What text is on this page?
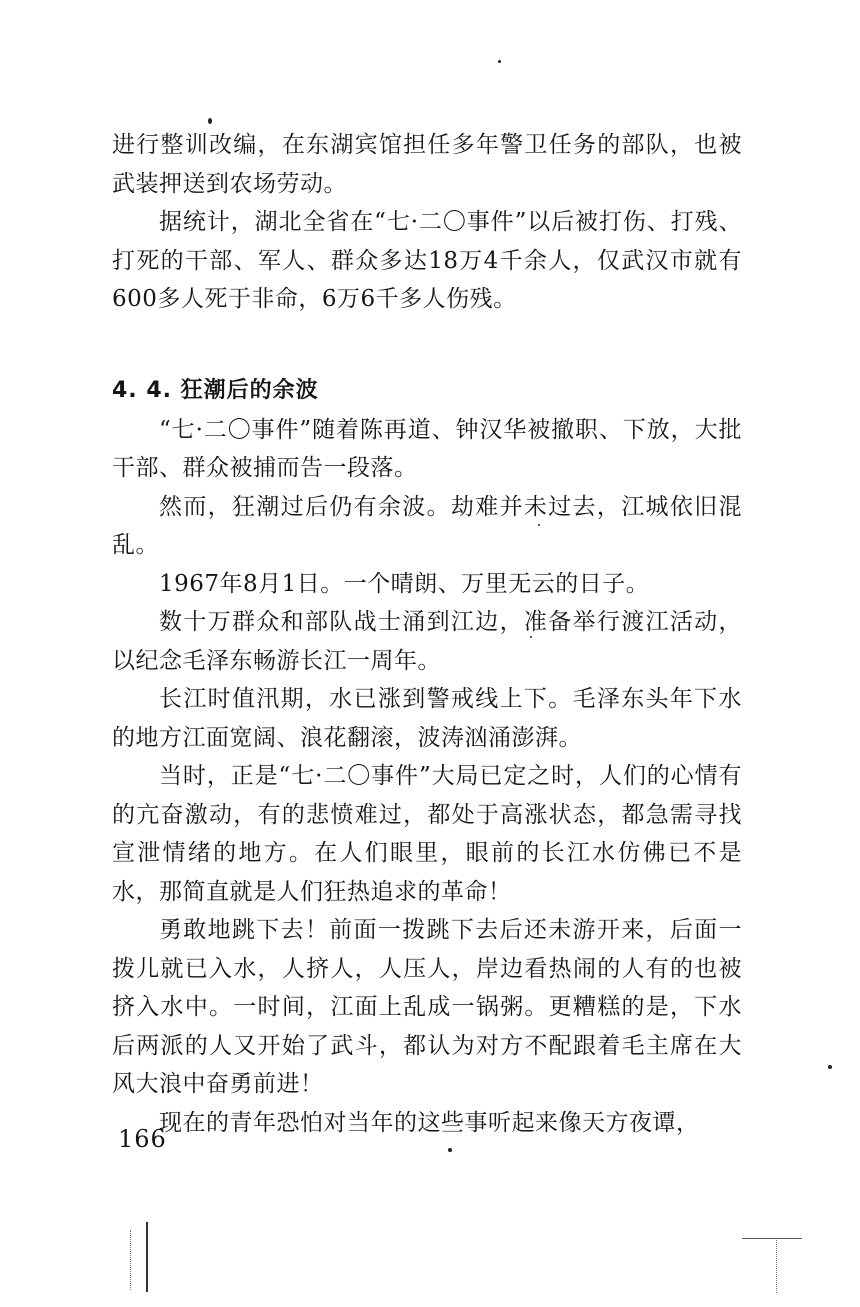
进行整训改编，在东湖宾馆担任多年警卫任务的部队，也被武装押送到农场劳动。

据统计，湖北全省在“七·二〇事件”以后被打伤、打残、打死的干部、军人、群众多达18万4千余人，仅武汉市就有600多人死于非命，6万6千多人伤残。

4. 4. 狂潮后的余波

“七·二〇事件”随着陈再道、钟汉华被撤职、下放，大批干部、群众被捕而告一段落。

然而，狂潮过后仍有余波。劫难并未过去，江城依旧混乱。

1967年8月1日。一个晴朗、万里无云的日子。

数十万群众和部队战士涌到江边，准备举行渡江活动，以纪念毛泽东畅游长江一周年。

长江时值汛期，水已涨到警戒线上下。毛泽东头年下水的地方江面宽阔、浪花翻滚，波涛汹涌澎湃。

当时，正是“七·二〇事件”大局已定之时，人们的心情有的亢奋激动，有的悲愤难过，都处于高涨状态，都急需寻找宣泄情绪的地方。在人们眼里，眼前的长江水仿佛已不是水，那简直就是人们狂热追求的革命！

勇敢地跳下去！前面一拨跳下去后还未游开来，后面一拨儿就已入水，人挤人，人压人，岸边看热闹的人有的也被挤入水中。一时间，江面上乱成一锅粥。更糟糕的是，下水后两派的人又开始了武斗，都认为对方不配跟着毛主席在大风大浪中奋勇前进！

现在的青年恐怕对当年的这些事听起来像天方夜谭，

166
